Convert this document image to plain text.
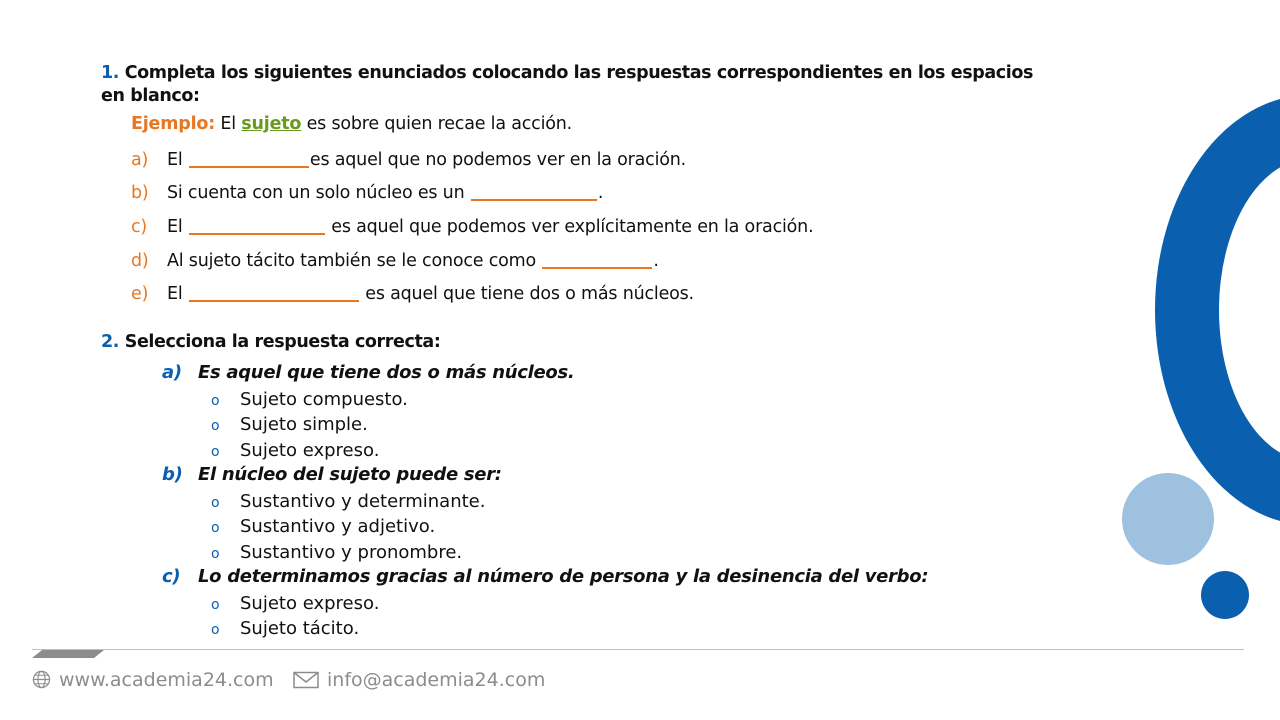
1. Completa los siguientes enunciados colocando las respuestas correspondientes en los espacios en blanco:
Ejemplo: El sujeto es sobre quien recae la acción.
a) El	es aquel que no podemos ver en la oración.
b) Si cuenta con un solo núcleo es un	.
c) El	es aquel que podemos ver explícitamente en la oración.
d) Al sujeto tácito también se le conoce como	.
e) El	es aquel que tiene dos o más núcleos.
2. Selecciona la respuesta correcta:
a) Es aquel que tiene dos o más núcleos.
o Sujeto compuesto.
o Sujeto simple.
o Sujeto expreso.
b) El núcleo del sujeto puede ser:
o Sustantivo y determinante.
o Sustantivo y adjetivo.
o Sustantivo y pronombre.
c) Lo determinamos gracias al número de persona y la desinencia del verbo:
o Sujeto expreso.
o Sujeto tácito.
www.academia24.com	info@academia24.com
